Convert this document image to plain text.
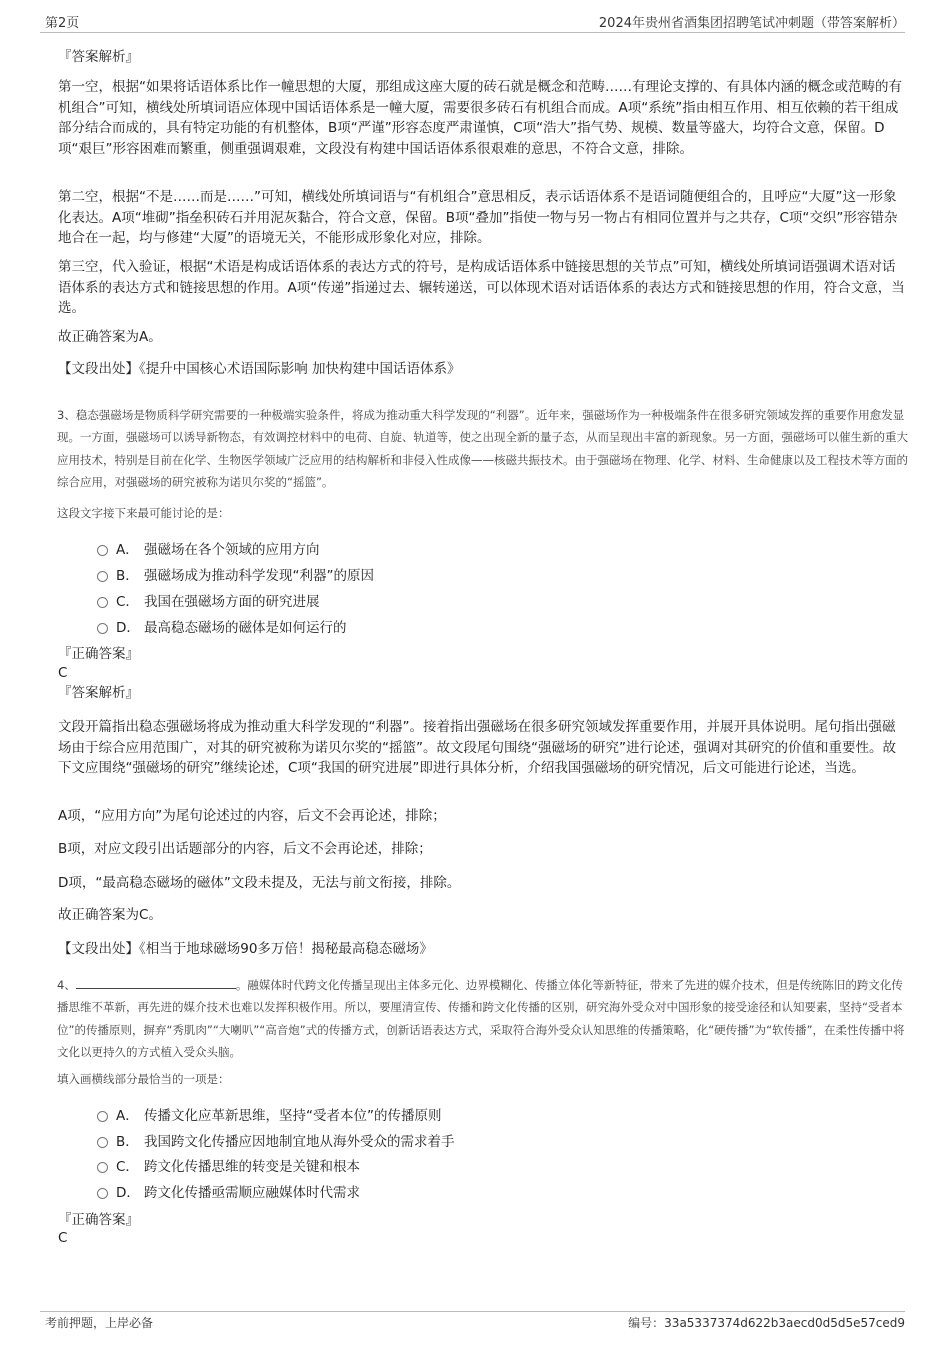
第2页	2024年贵州省酒集团招聘笔试冲刺题（带答案解析）
『答案解析』
第一空，根据“如果将话语体系比作一幢思想的大厦，那组成这座大厦的砖石就是概念和范畴……有理论支撑的、有具体内涵的概念或范畴的有机组合”可知，横线处所填词语应体现中国话语体系是一幢大厦，需要很多砖石有机组合而成。A项“系统”指由相互作用、相互依赖的若干组成部分结合而成的，具有特定功能的有机整体，B项“严谨”形容态度严肃谨慎，C项“浩大”指气势、规模、数量等盛大，均符合文意，保留。D项“艰巨”形容困难而繁重，侧重强调艰难，文段没有构建中国话语体系很艰难的意思，不符合文意，排除。
第二空，根据“不是……而是……”可知，横线处所填词语与“有机组合”意思相反，表示话语体系不是语词随便组合的，且呼应“大厦”这一形象化表达。A项“堆砌”指垒积砖石并用泥灰黏合，符合文意，保留。B项“叠加”指使一物与另一物占有相同位置并与之共存，C项“交织”形容错杂地合在一起，均与修建“大厦”的语境无关，不能形成形象化对应，排除。
第三空，代入验证，根据“术语是构成话语体系的表达方式的符号，是构成话语体系中链接思想的关节点”可知，横线处所填词语强调术语对话语体系的表达方式和链接思想的作用。A项“传递”指递过去、辗转递送，可以体现术语对话语体系的表达方式和链接思想的作用，符合文意，当选。
故正确答案为A。
【文段出处】《提升中国核心术语国际影响 加快构建中国话语体系》
3、稳态强磁场是物质科学研究需要的一种极端实验条件，将成为推动重大科学发现的“利器”。近年来，强磁场作为一种极端条件在很多研究领域发挥的重要作用愈发显现。一方面，强磁场可以诱导新物态，有效调控材料中的电荷、自旋、轨道等，使之出现全新的量子态，从而呈现出丰富的新现象。另一方面，强磁场可以催生新的重大应用技术，特别是目前在化学、生物医学领域广泛应用的结构解析和非侵入性成像——核磁共振技术。由于强磁场在物理、化学、材料、生命健康以及工程技术等方面的综合应用，对强磁场的研究被称为诺贝尔奖的“摇篮”。
这段文字接下来最可能讨论的是：
A． 强磁场在各个领域的应用方向
B． 强磁场成为推动科学发现“利器”的原因
C． 我国在强磁场方面的研究进展
D． 最高稳态磁场的磁体是如何运行的
『正确答案』
C
『答案解析』
文段开篇指出稳态强磁场将成为推动重大科学发现的“利器”。接着指出强磁场在很多研究领域发挥重要作用，并展开具体说明。尾句指出强磁场由于综合应用范围广，对其的研究被称为诺贝尔奖的“摇篮”。故文段尾句围绕“强磁场的研究”进行论述，强调对其研究的价值和重要性。故下文应围绕“强磁场的研究”继续论述，C项“我国的研究进展”即进行具体分析，介绍我国强磁场的研究情况，后文可能进行论述，当选。
A项，“应用方向”为尾句论述过的内容，后文不会再论述，排除；
B项，对应文段引出话题部分的内容，后文不会再论述，排除；
D项，“最高稳态磁场的磁体”文段未提及，无法与前文衔接，排除。
故正确答案为C。
【文段出处】《相当于地球磁场90多万倍！揭秘最高稳态磁场》
4、	。融媒体时代跨文化传播呈现出主体多元化、边界模糊化、传播立体化等新特征，带来了先进的媒介技术，但是传统陈旧的跨文化传播思维不革新，再先进的媒介技术也难以发挥积极作用。所以，要厘清宣传、传播和跨文化传播的区别，研究海外受众对中国形象的接受途径和认知要素，坚持“受者本位”的传播原则，摒弃“秀肌肉”“大喇叭”“高音炮”式的传播方式，创新话语表达方式，采取符合海外受众认知思维的传播策略，化“硬传播”为“软传播”，在柔性传播中将文化以更持久的方式植入受众头脑。
填入画横线部分最恰当的一项是：
A． 传播文化应革新思维，坚持“受者本位”的传播原则
B． 我国跨文化传播应因地制宜地从海外受众的需求着手
C． 跨文化传播思维的转变是关键和根本
D． 跨文化传播亟需顺应融媒体时代需求
『正确答案』
C
考前押题，上岸必备	编号：33a5337374d622b3aecd0d5d5e57ced9
